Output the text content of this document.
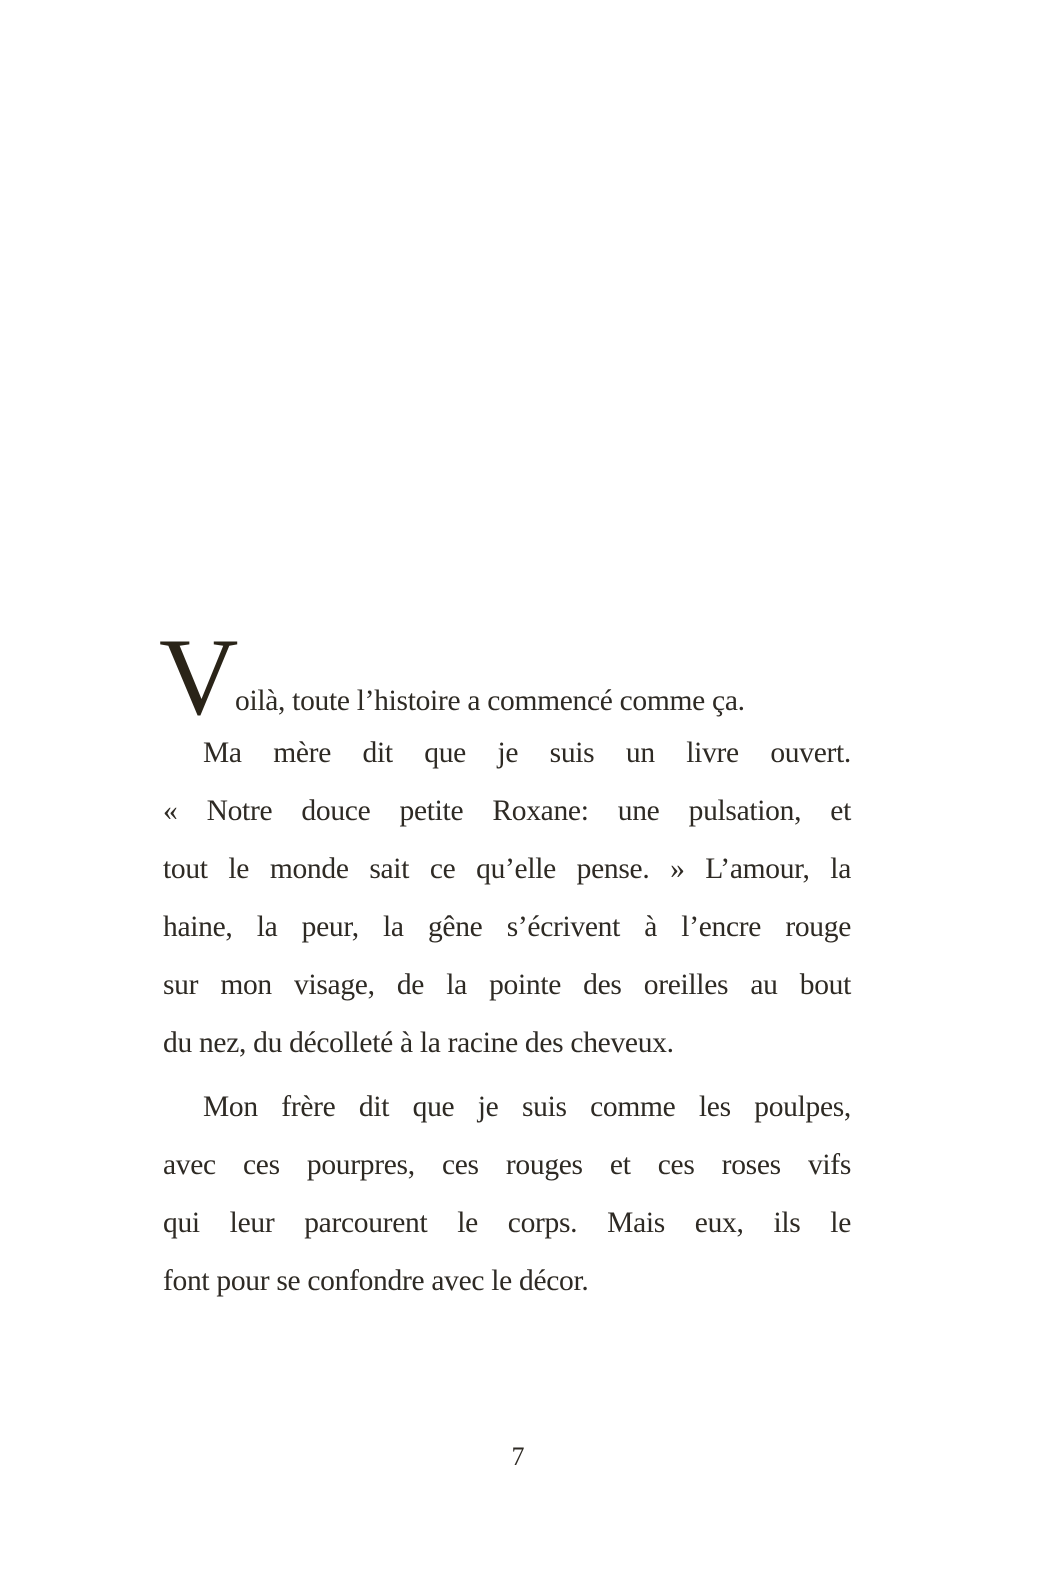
V
oilà, toute l’histoire a commencé comme ça.
Ma mère dit que je suis un livre ouvert.
« Notre douce petite Roxane: une pulsation, et
tout le monde sait ce qu’elle pense. » L’amour, la
haine, la peur, la gêne s’écrivent à l’encre rouge
sur mon visage, de la pointe des oreilles au bout
du nez, du décolleté à la racine des cheveux.
Mon frère dit que je suis comme les poulpes,
avec ces pourpres, ces rouges et ces roses vifs
qui leur parcourent le corps. Mais eux, ils le
font pour se confondre avec le décor.
7
